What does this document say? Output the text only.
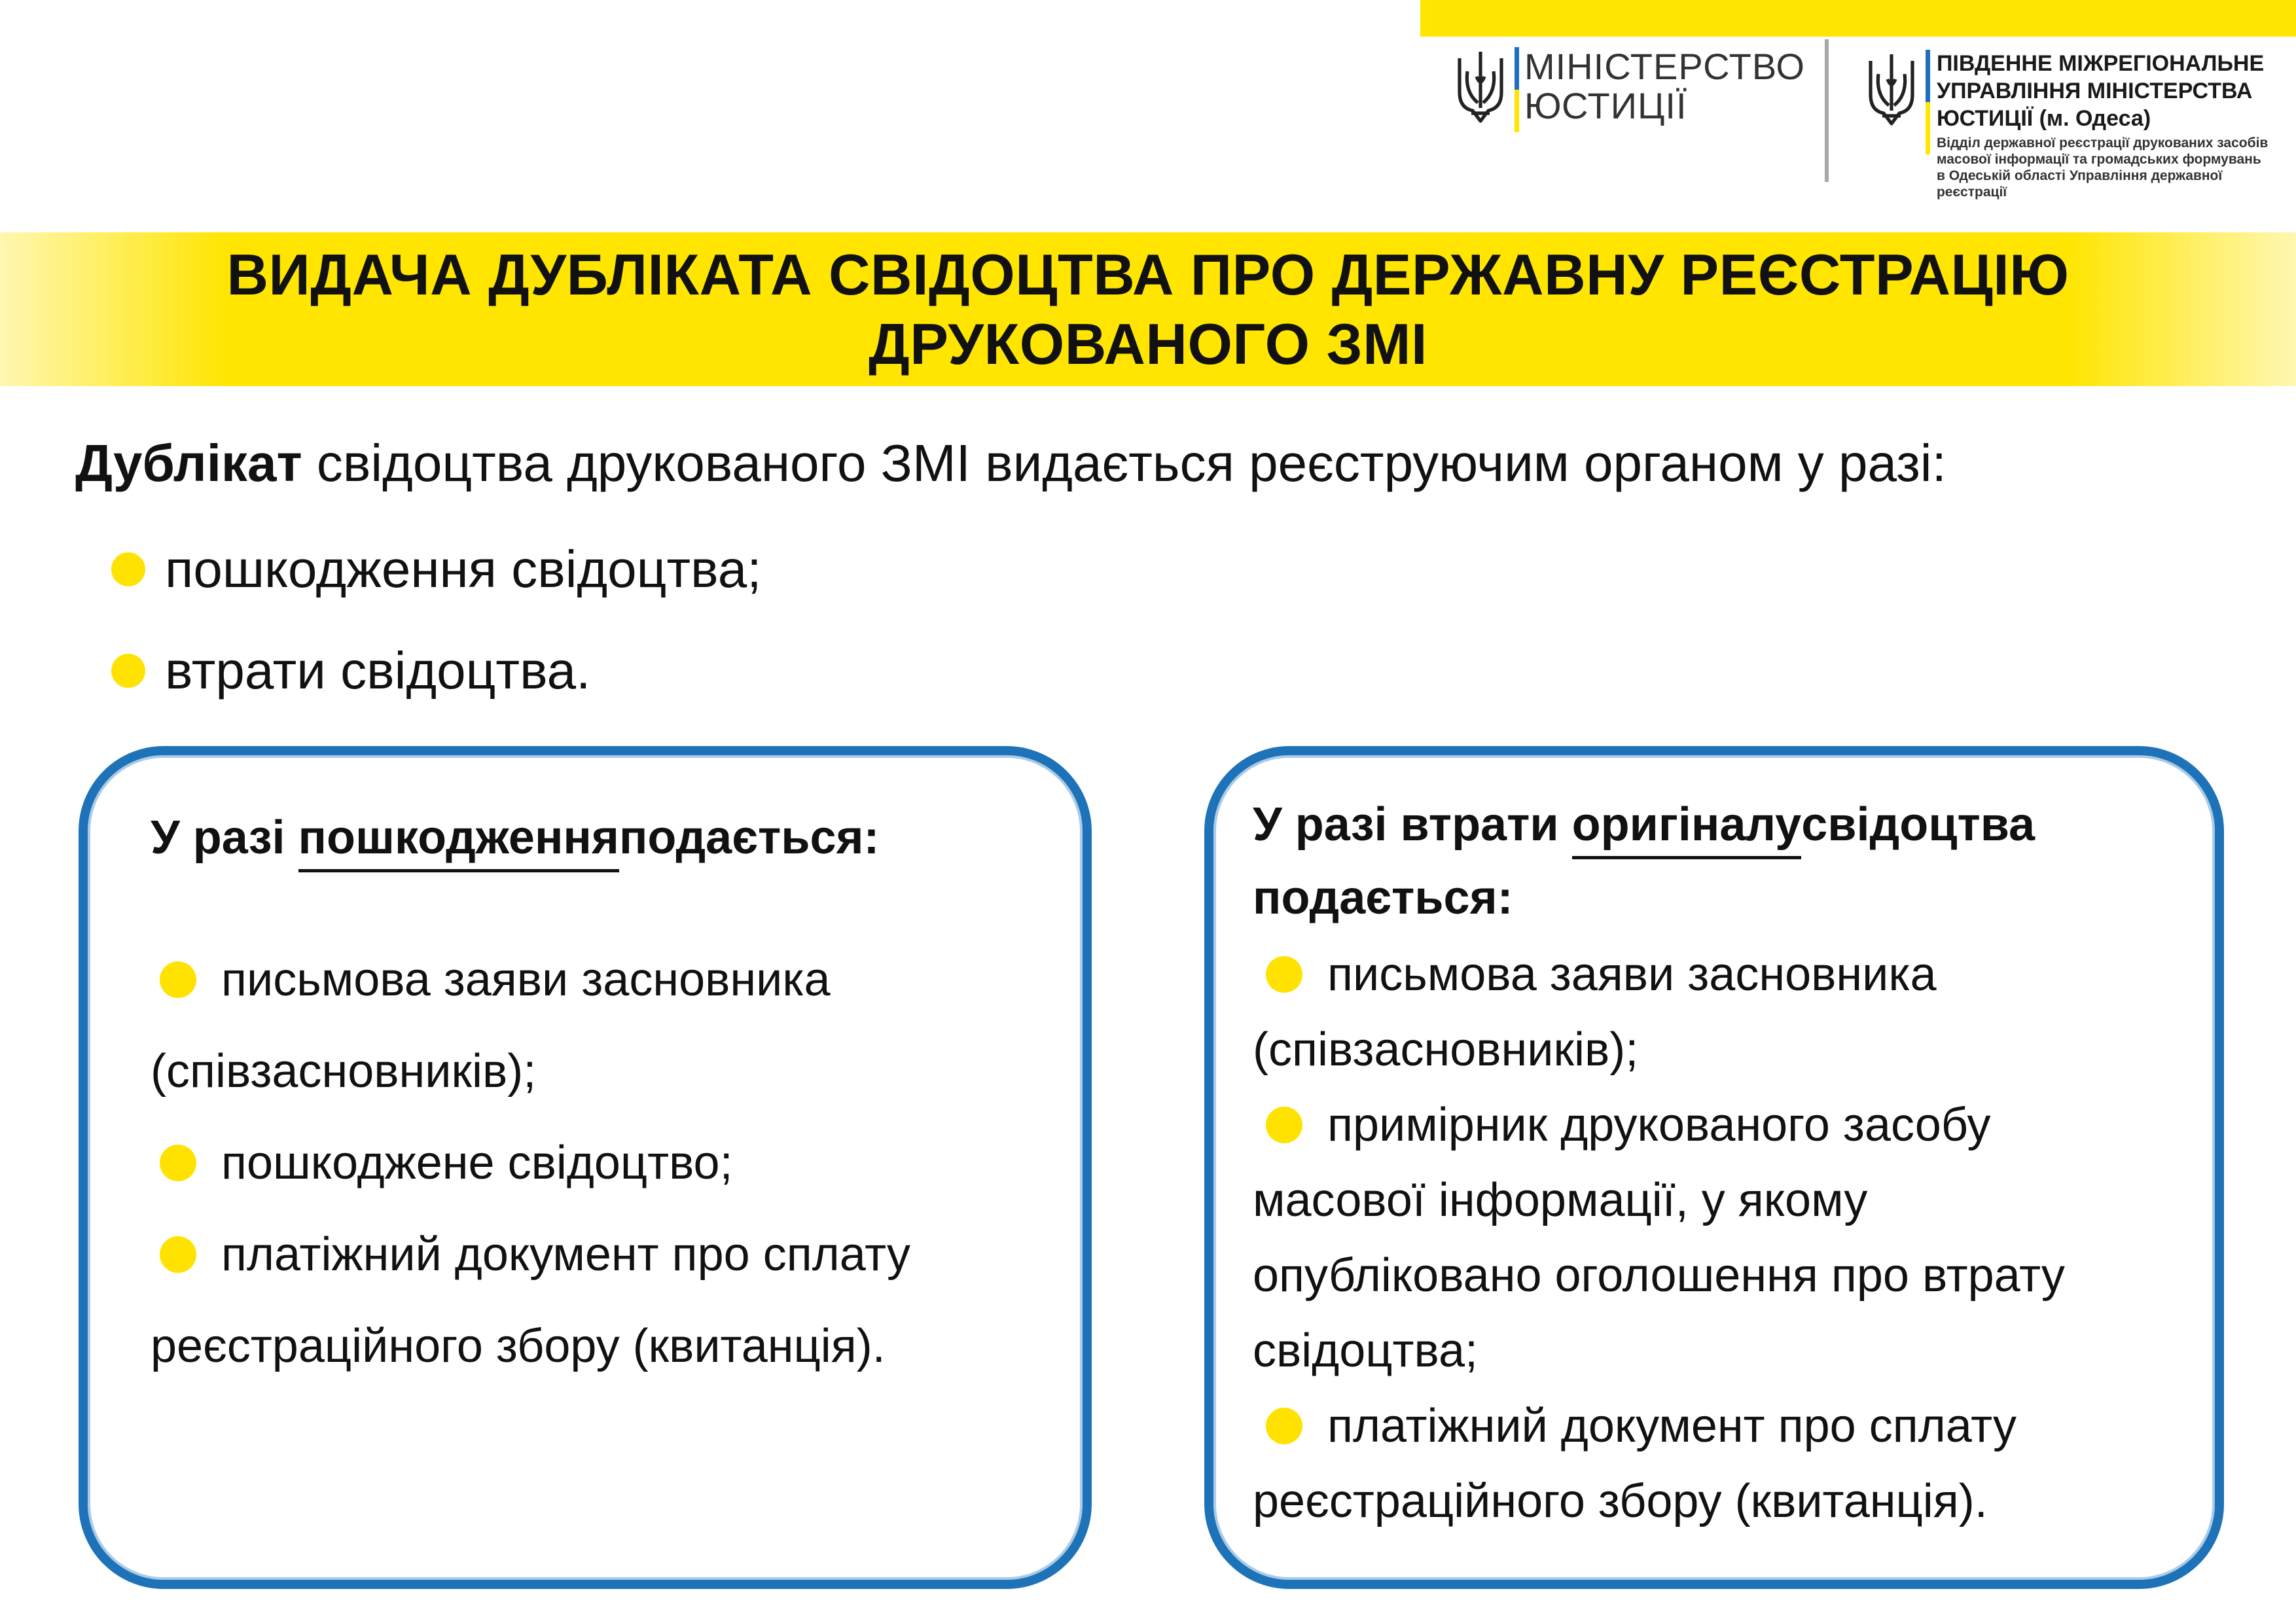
МІНІСТЕРСТВО
ЮСТИЦІЇ
ПІВДЕННЕ МІЖРЕГІОНАЛЬНЕ
УПРАВЛІННЯ МІНІСТЕРСТВА
ЮСТИЦІЇ (м. Одеса)
Відділ державної реєстрації друкованих засобів
масової інформації та громадських формувань
в Одеській області Управління державної реєстрації
ВИДАЧА ДУБЛІКАТА СВІДОЦТВА ПРО ДЕРЖАВНУ РЕЄСТРАЦІЮ
ДРУКОВАНОГО ЗМІ
Дублікат свідоцтва друкованого ЗМІ видається реєструючим органом у разі:
пошкодження свідоцтва;
втрати свідоцтва.
У разі пошкодженняподається:
письмова заяви засновника
(співзасновників);
пошкоджене свідоцтво;
платіжний документ про сплату
реєстраційного збору (квитанція).
У разі втрати оригіналусвідоцтва
подається:
письмова заяви засновника
(співзасновників);
примірник друкованого засобу
масової інформації, у якому
опубліковано оголошення про втрату
свідоцтва;
платіжний документ про сплату
реєстраційного збору (квитанція).
